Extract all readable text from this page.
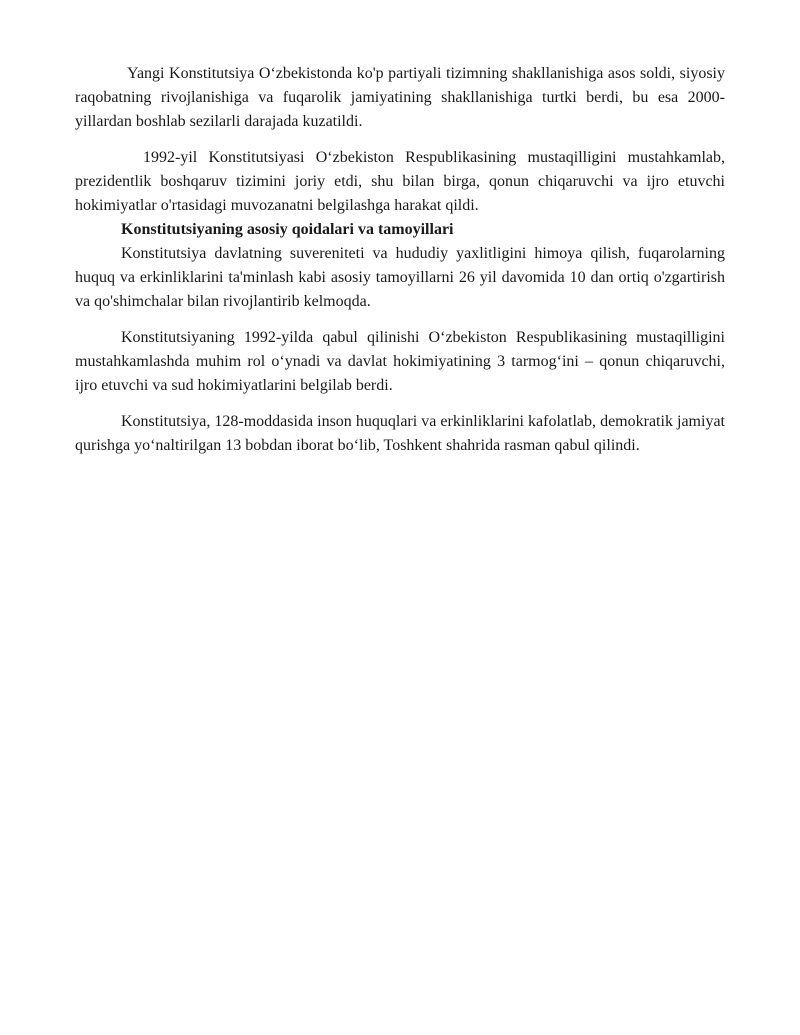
Yangi Konstitutsiya O‘zbekistonda ko'p partiyali tizimning shakllanishiga asos soldi, siyosiy raqobatning rivojlanishiga va fuqarolik jamiyatining shakllanishiga turtki berdi, bu esa 2000-yillardan boshlab sezilarli darajada kuzatildi.

1992-yil Konstitutsiyasi O‘zbekiston Respublikasining mustaqilligini mustahkamlab, prezidentlik boshqaruv tizimini joriy etdi, shu bilan birga, qonun chiqaruvchi va ijro etuvchi hokimiyatlar o'rtasidagi muvozanatni belgilashga harakat qildi.

Konstitutsiyaning asosiy qoidalari va tamoyillari

Konstitutsiya davlatning suvereniteti va hududiy yaxlitligini himoya qilish, fuqarolarning huquq va erkinliklarini ta'minlash kabi asosiy tamoyillarni 26 yil davomida 10 dan ortiq o'zgartirish va qo'shimchalar bilan rivojlantirib kelmoqda.

Konstitutsiyaning 1992-yilda qabul qilinishi O‘zbekiston Respublikasining mustaqilligini mustahkamlashda muhim rol o‘ynadi va davlat hokimiyatining 3 tarmog‘ini – qonun chiqaruvchi, ijro etuvchi va sud hokimiyatlarini belgilab berdi.

Konstitutsiya, 128-moddasida inson huquqlari va erkinliklarini kafolatlab, demokratik jamiyat qurishga yo‘naltirilgan 13 bobdan iborat bo‘lib, Toshkent shahrida rasman qabul qilindi.
